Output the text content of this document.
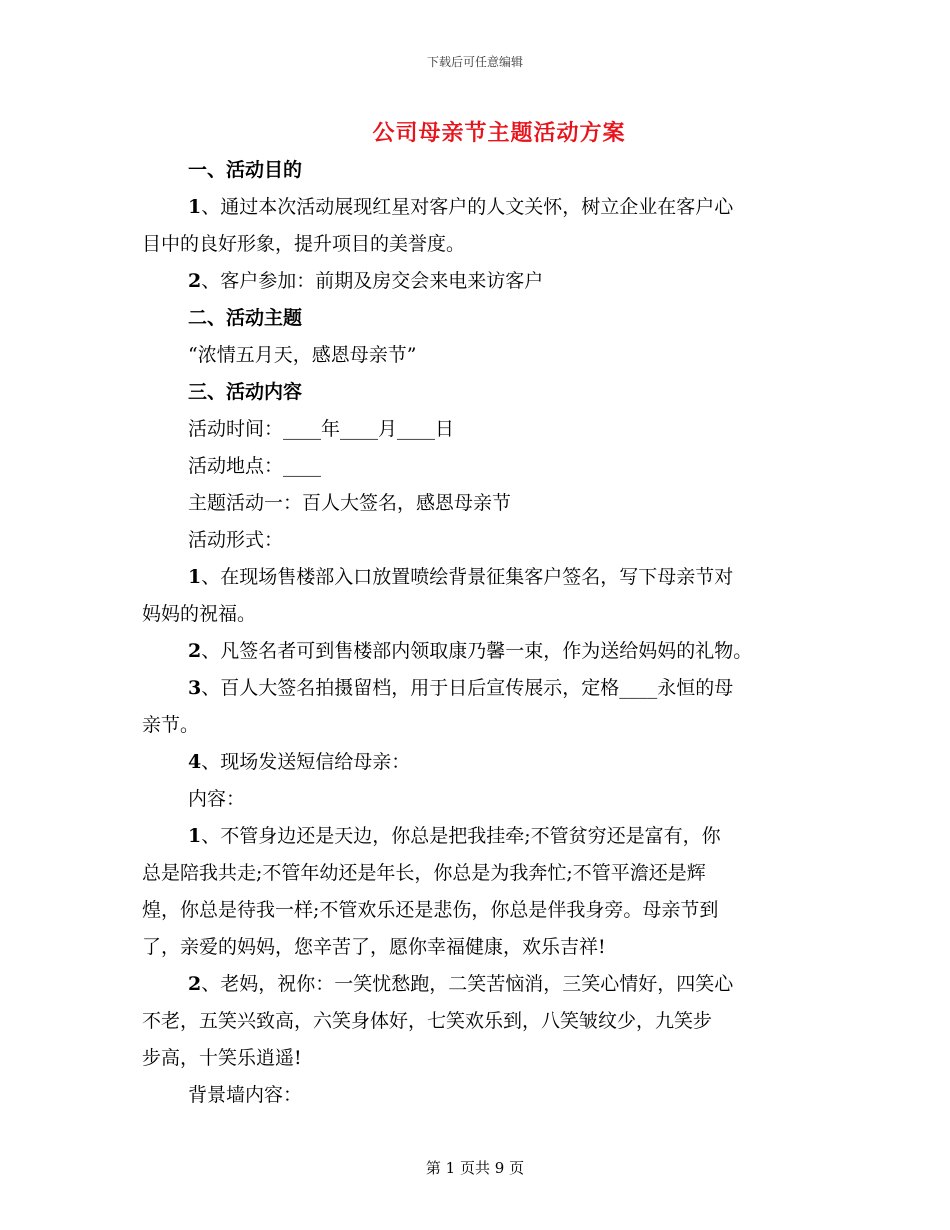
下载后可任意编辑
公司母亲节主题活动方案
一、活动目的
1、通过本次活动展现红星对客户的人文关怀，树立企业在客户心
目中的良好形象，提升项目的美誉度。
2、客户参加：前期及房交会来电来访客户
二、活动主题
“浓情五月天，感恩母亲节”
三、活动内容
活动时间：____年____月____日
活动地点：____
主题活动一：百人大签名，感恩母亲节
活动形式：
1、在现场售楼部入口放置喷绘背景征集客户签名，写下母亲节对
妈妈的祝福。
2、凡签名者可到售楼部内领取康乃馨一束，作为送给妈妈的礼物。
3、百人大签名拍摄留档，用于日后宣传展示，定格____永恒的母
亲节。
4、现场发送短信给母亲：
内容：
1、不管身边还是天边，你总是把我挂牵;不管贫穷还是富有，你
总是陪我共走;不管年幼还是年长，你总是为我奔忙;不管平澹还是辉
煌，你总是待我一样;不管欢乐还是悲伤，你总是伴我身旁。母亲节到
了，亲爱的妈妈，您辛苦了，愿你幸福健康，欢乐吉祥!
2、老妈，祝你：一笑忧愁跑，二笑苦恼消，三笑心情好，四笑心
不老，五笑兴致高，六笑身体好，七笑欢乐到，八笑皱纹少，九笑步
步高，十笑乐逍遥!
背景墙内容：
第 1 页共 9 页
